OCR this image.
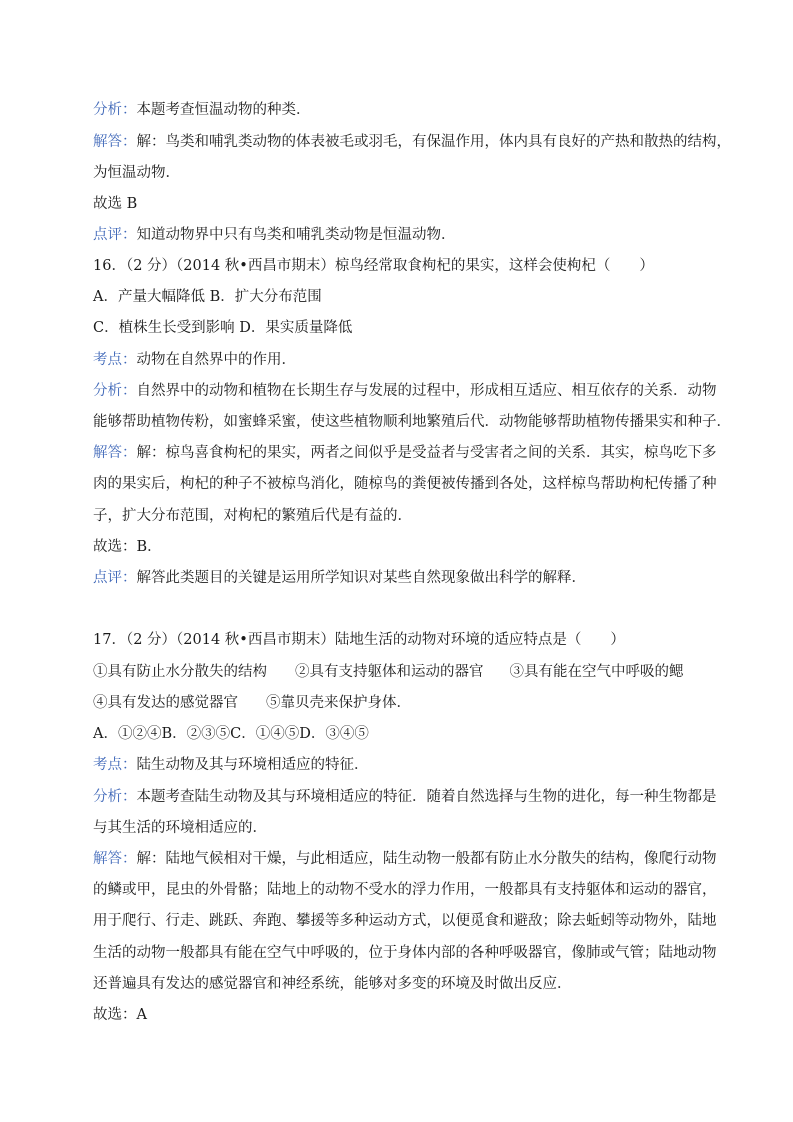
分析：本题考查恒温动物的种类．
解答：解：鸟类和哺乳类动物的体表被毛或羽毛，有保温作用，体内具有良好的产热和散热的结构，
为恒温动物．
故选 B
点评：知道动物界中只有鸟类和哺乳类动物是恒温动物．
16．（2 分）（2014 秋•西昌市期末）椋鸟经常取食枸杞的果实，这样会使枸杞（　　）
A．产量大幅降低 B．扩大分布范围
C．植株生长受到影响 D．果实质量降低
考点：动物在自然界中的作用．
分析：自然界中的动物和植物在长期生存与发展的过程中，形成相互适应、相互依存的关系．动物
能够帮助植物传粉，如蜜蜂采蜜，使这些植物顺利地繁殖后代．动物能够帮助植物传播果实和种子．
解答：解：椋鸟喜食枸杞的果实，两者之间似乎是受益者与受害者之间的关系．其实，椋鸟吃下多
肉的果实后，枸杞的种子不被椋鸟消化，随椋鸟的粪便被传播到各处，这样椋鸟帮助枸杞传播了种
子，扩大分布范围，对枸杞的繁殖后代是有益的．
故选：B．
点评：解答此类题目的关键是运用所学知识对某些自然现象做出科学的解释．
17．（2 分）（2014 秋•西昌市期末）陆地生活的动物对环境的适应特点是（　　）
①具有防止水分散失的结构 ②具有支持躯体和运动的器官 ③具有能在空气中呼吸的鳃
④具有发达的感觉器官 ⑤靠贝壳来保护身体．
A．①②④B．②③⑤C．①④⑤D．③④⑤
考点：陆生动物及其与环境相适应的特征．
分析：本题考查陆生动物及其与环境相适应的特征．随着自然选择与生物的进化，每一种生物都是
与其生活的环境相适应的．
解答：解：陆地气候相对干燥，与此相适应，陆生动物一般都有防止水分散失的结构，像爬行动物
的鳞或甲，昆虫的外骨骼；陆地上的动物不受水的浮力作用，一般都具有支持躯体和运动的器官，
用于爬行、行走、跳跃、奔跑、攀援等多种运动方式，以便觅食和避敌；除去蚯蚓等动物外，陆地
生活的动物一般都具有能在空气中呼吸的，位于身体内部的各种呼吸器官，像肺或气管；陆地动物
还普遍具有发达的感觉器官和神经系统，能够对多变的环境及时做出反应．
故选：A
